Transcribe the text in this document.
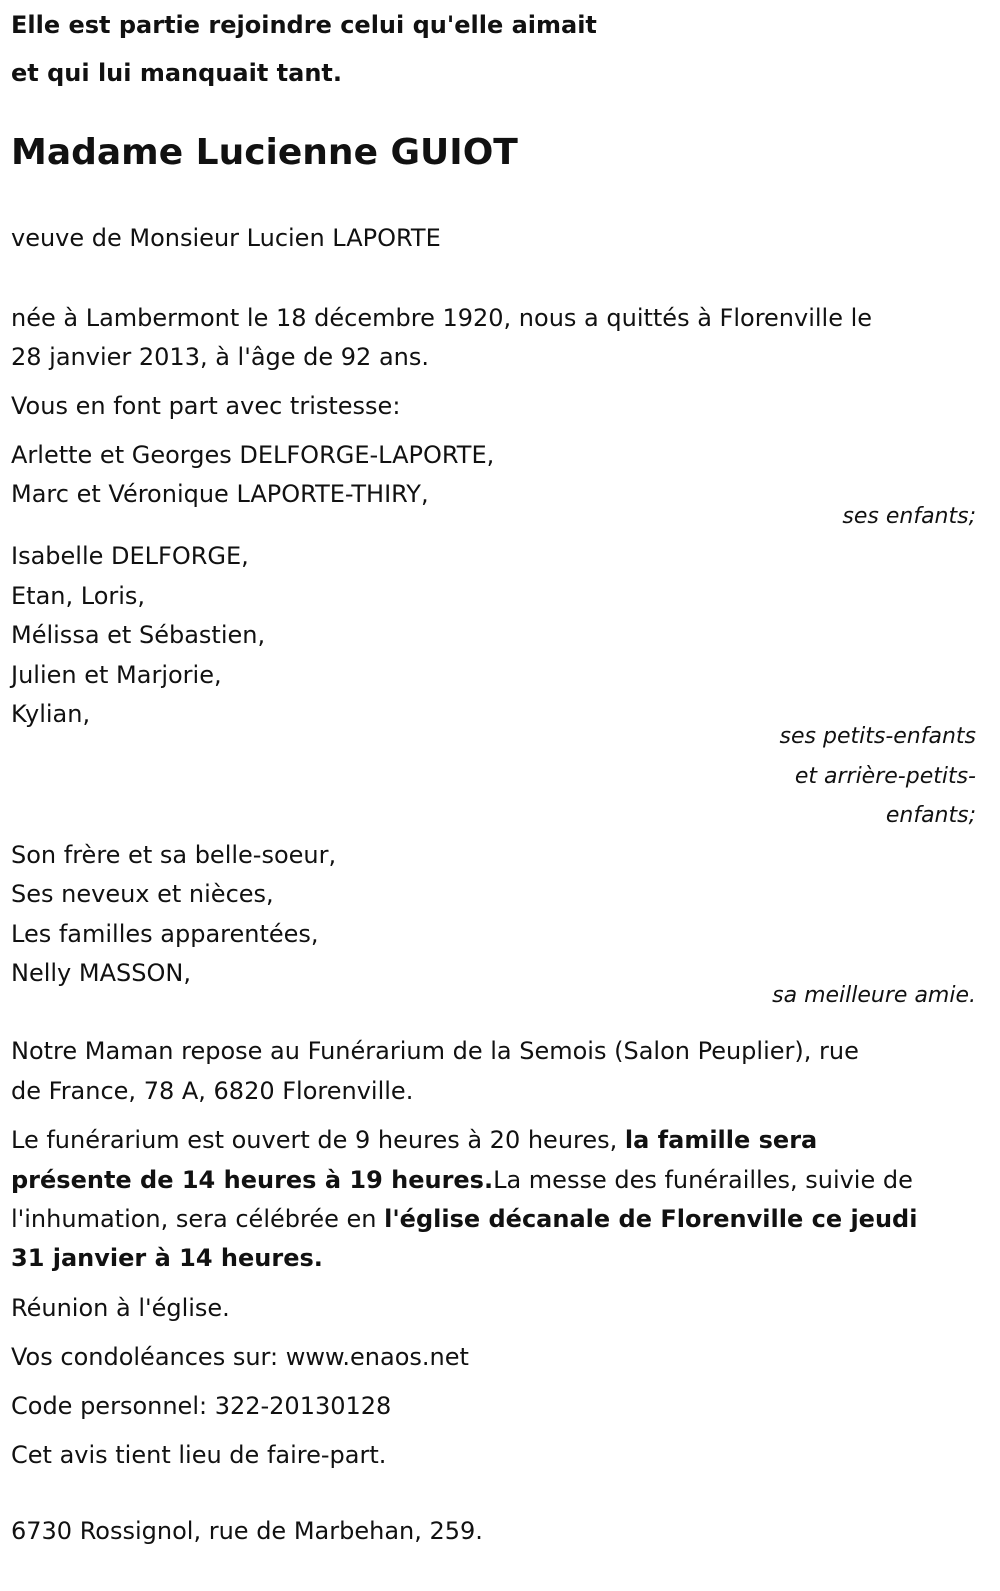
Elle est partie rejoindre celui qu'elle aimait
et qui lui manquait tant.
Madame Lucienne GUIOT
veuve de Monsieur Lucien LAPORTE
née à Lambermont le 18 décembre 1920, nous a quittés à Florenville le
28 janvier 2013, à l'âge de 92 ans.
Vous en font part avec tristesse:
Arlette et Georges DELFORGE-LAPORTE,
Marc et Véronique LAPORTE-THIRY,
ses enfants;
Isabelle DELFORGE,
Etan, Loris,
Mélissa et Sébastien,
Julien et Marjorie,
Kylian,
ses petits-enfants
et arrière-petits-
enfants;
Son frère et sa belle-soeur,
Ses neveux et nièces,
Les familles apparentées,
Nelly MASSON,
sa meilleure amie.
Notre Maman repose au Funérarium de la Semois (Salon Peuplier), rue
de France, 78 A, 6820 Florenville.
Le funérarium est ouvert de 9 heures à 20 heures, la famille sera
présente de 14 heures à 19 heures.La messe des funérailles, suivie de
l'inhumation, sera célébrée en l'église décanale de Florenville ce jeudi
31 janvier à 14 heures.
Réunion à l'église.
Vos condoléances sur: www.enaos.net
Code personnel: 322-20130128
Cet avis tient lieu de faire-part.
6730 Rossignol, rue de Marbehan, 259.
